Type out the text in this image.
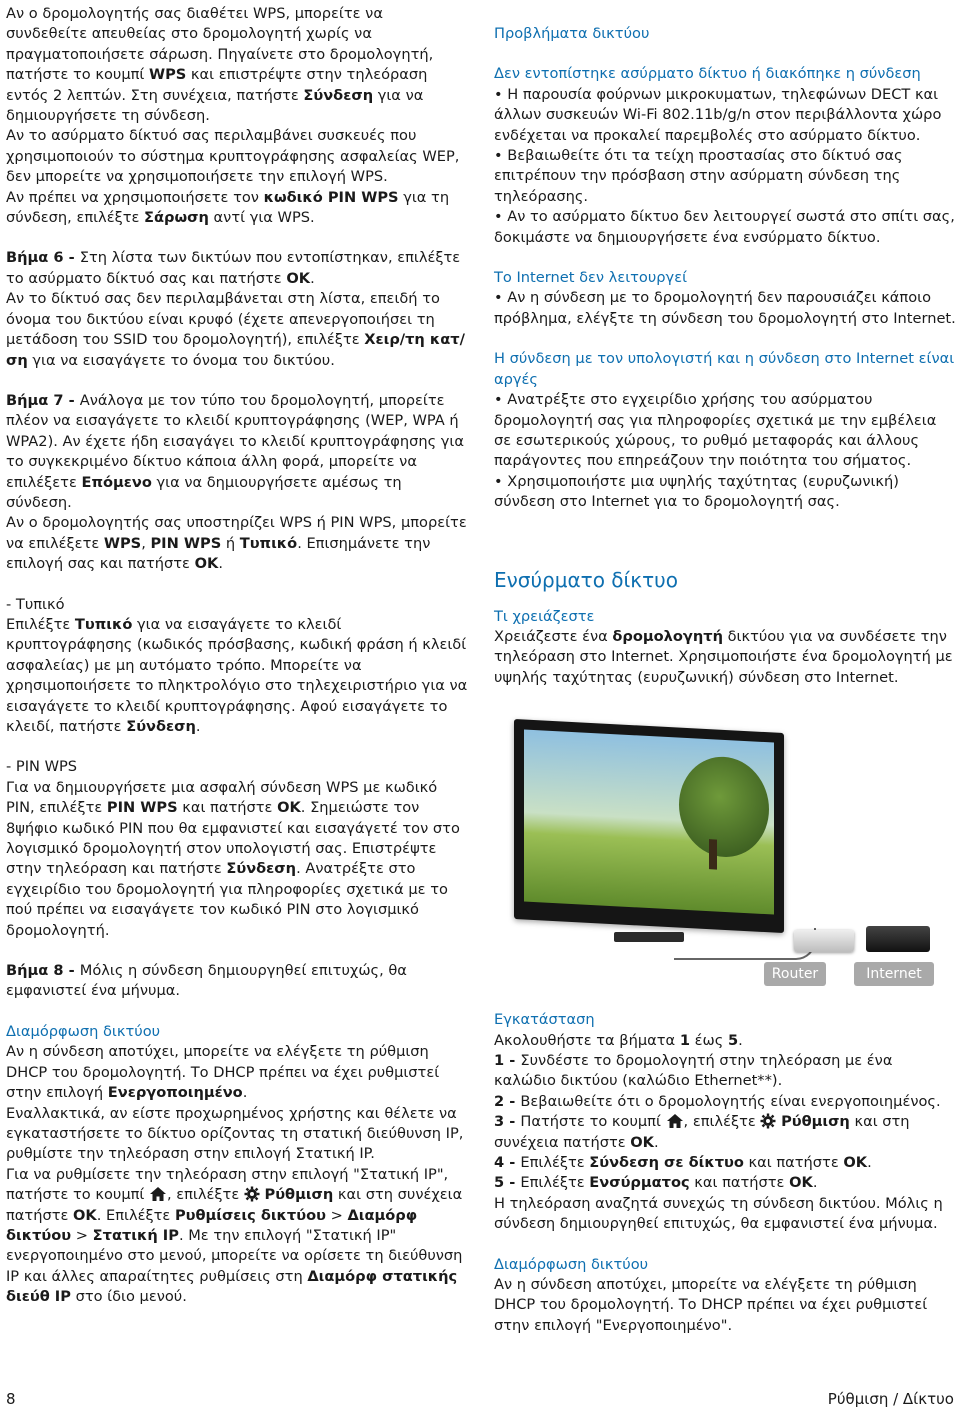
Αν ο δρομολογητής σας διαθέτει WPS, μπορείτε να συνδεθείτε απευθείας στο δρομολογητή χωρίς να πραγματοποιήσετε σάρωση. Πηγαίνετε στο δρομολογητή, πατήστε το κουμπί WPS και επιστρέψτε στην τηλεόραση εντός 2 λεπτών. Στη συνέχεια, πατήστε Σύνδεση για να δημιουργήσετε τη σύνδεση.

Αν το ασύρματο δίκτυό σας περιλαμβάνει συσκευές που χρησιμοποιούν το σύστημα κρυπτογράφησης ασφαλείας WEP, δεν μπορείτε να χρησιμοποιήσετε την επιλογή WPS.

Αν πρέπει να χρησιμοποιήσετε τον κωδικό PIN WPS για τη σύνδεση, επιλέξτε Σάρωση αντί για WPS.

Βήμα 6 - Στη λίστα των δικτύων που εντοπίστηκαν, επιλέξτε το ασύρματο δίκτυό σας και πατήστε OK.

Αν το δίκτυό σας δεν περιλαμβάνεται στη λίστα, επειδή το όνομα του δικτύου είναι κρυφό (έχετε απενεργοποιήσει τη μετάδοση του SSID του δρομολογητή), επιλέξτε Χειρ/τη κατ/ση για να εισαγάγετε το όνομα του δικτύου.

Βήμα 7 - Ανάλογα με τον τύπο του δρομολογητή, μπορείτε πλέον να εισαγάγετε το κλειδί κρυπτογράφησης (WEP, WPA ή WPA2). Αν έχετε ήδη εισαγάγει το κλειδί κρυπτογράφησης για το συγκεκριμένο δίκτυο κάποια άλλη φορά, μπορείτε να επιλέξετε Επόμενο για να δημιουργήσετε αμέσως τη σύνδεση.

Αν ο δρομολογητής σας υποστηρίζει WPS ή PIN WPS, μπορείτε να επιλέξετε WPS, PIN WPS ή Τυπικό. Επισημάνετε την επιλογή σας και πατήστε OK.

- Τυπικό

Επιλέξτε Τυπικό για να εισαγάγετε το κλειδί κρυπτογράφησης (κωδικός πρόσβασης, κωδική φράση ή κλειδί ασφαλείας) με μη αυτόματο τρόπο. Μπορείτε να χρησιμοποιήσετε το πληκτρολόγιο στο τηλεχειριστήριο για να εισαγάγετε το κλειδί κρυπτογράφησης. Αφού εισαγάγετε το κλειδί, πατήστε Σύνδεση.

- PIN WPS

Για να δημιουργήσετε μια ασφαλή σύνδεση WPS με κωδικό PIN, επιλέξτε PIN WPS και πατήστε OK. Σημειώστε τον 8ψήφιο κωδικό PIN που θα εμφανιστεί και εισαγάγετέ τον στο λογισμικό δρομολογητή στον υπολογιστή σας. Επιστρέψτε στην τηλεόραση και πατήστε Σύνδεση. Ανατρέξτε στο εγχειρίδιο του δρομολογητή για πληροφορίες σχετικά με το πού πρέπει να εισαγάγετε τον κωδικό PIN στο λογισμικό δρομολογητή.

Βήμα 8 - Μόλις η σύνδεση δημιουργηθεί επιτυχώς, θα εμφανιστεί ένα μήνυμα.

Διαμόρφωση δικτύου

Αν η σύνδεση αποτύχει, μπορείτε να ελέγξετε τη ρύθμιση DHCP του δρομολογητή. Το DHCP πρέπει να έχει ρυθμιστεί στην επιλογή Ενεργοποιημένο.

Εναλλακτικά, αν είστε προχωρημένος χρήστης και θέλετε να εγκαταστήσετε το δίκτυο ορίζοντας τη στατική διεύθυνση IP, ρυθμίστε την τηλεόραση στην επιλογή Στατική IP.

Για να ρυθμίσετε την τηλεόραση στην επιλογή "Στατική IP", πατήστε το κουμπί , επιλέξτε  Ρύθμιση και στη συνέχεια πατήστε OK. Επιλέξτε Ρυθμίσεις δικτύου > Διαμόρφ δικτύου > Στατική IP. Με την επιλογή "Στατική IP" ενεργοποιημένο στο μενού, μπορείτε να ορίσετε τη διεύθυνση IP και άλλες απαραίτητες ρυθμίσεις στη Διαμόρφ στατικής διεύθ IP στο ίδιο μενού.

Προβλήματα δικτύου

Δεν εντοπίστηκε ασύρματο δίκτυο ή διακόπηκε η σύνδεση

• Η παρουσία φούρνων μικροκυματων, τηλεφώνων DECT και άλλων συσκευών Wi-Fi 802.11b/g/n στον περιβάλλοντα χώρο ενδέχεται να προκαλεί παρεμβολές στο ασύρματο δίκτυο.

• Βεβαιωθείτε ότι τα τείχη προστασίας στο δίκτυό σας επιτρέπουν την πρόσβαση στην ασύρματη σύνδεση της τηλεόρασης.

• Αν το ασύρματο δίκτυο δεν λειτουργεί σωστά στο σπίτι σας, δοκιμάστε να δημιουργήσετε ένα ενσύρματο δίκτυο.

Το Internet δεν λειτουργεί

• Αν η σύνδεση με το δρομολογητή δεν παρουσιάζει κάποιο πρόβλημα, ελέγξτε τη σύνδεση του δρομολογητή στο Internet.

Η σύνδεση με τον υπολογιστή και η σύνδεση στο Internet είναι αργές

• Ανατρέξτε στο εγχειρίδιο χρήσης του ασύρματου δρομολογητή σας για πληροφορίες σχετικά με την εμβέλεια σε εσωτερικούς χώρους, το ρυθμό μεταφοράς και άλλους παράγοντες που επηρεάζουν την ποιότητα του σήματος.

• Χρησιμοποιήστε μια υψηλής ταχύτητας (ευρυζωνική) σύνδεση στο Internet για το δρομολογητή σας.

Ενσύρματο δίκτυο

Τι χρειάζεστε

Χρειάζεστε ένα δρομολογητή δικτύου για να συνδέσετε την τηλεόραση στο Internet. Χρησιμοποιήστε ένα δρομολογητή με υψηλής ταχύτητας (ευρυζωνική) σύνδεση στο Internet.

Router	Internet

Εγκατάσταση

Ακολουθήστε τα βήματα 1 έως 5.

1 - Συνδέστε το δρομολογητή στην τηλεόραση με ένα καλώδιο δικτύου (καλώδιο Ethernet**).

2 - Βεβαιωθείτε ότι ο δρομολογητής είναι ενεργοποιημένος.

3 - Πατήστε το κουμπί , επιλέξτε  Ρύθμιση και στη συνέχεια πατήστε OK.

4 - Επιλέξτε Σύνδεση σε δίκτυο και πατήστε OK.

5 - Επιλέξτε Ενσύρματος και πατήστε OK.

Η τηλεόραση αναζητά συνεχώς τη σύνδεση δικτύου. Μόλις η σύνδεση δημιουργηθεί επιτυχώς, θα εμφανιστεί ένα μήνυμα.

Διαμόρφωση δικτύου

Αν η σύνδεση αποτύχει, μπορείτε να ελέγξετε τη ρύθμιση DHCP του δρομολογητή. Το DHCP πρέπει να έχει ρυθμιστεί στην επιλογή "Ενεργοποιημένο".

8	Ρύθμιση / Δίκτυο
